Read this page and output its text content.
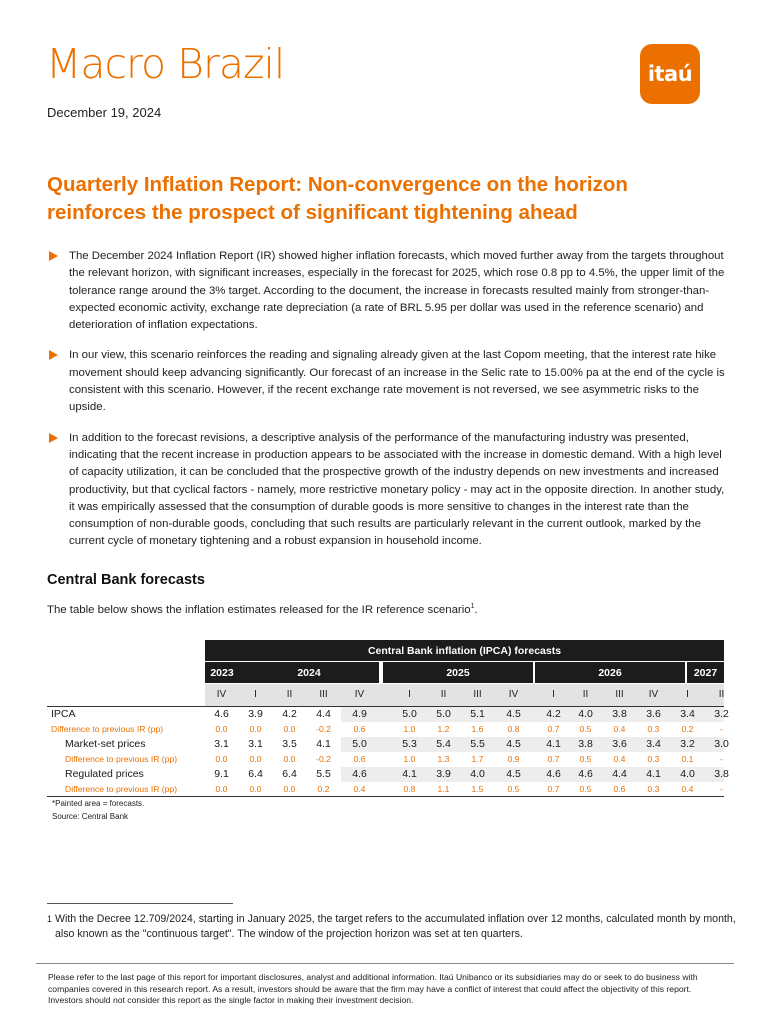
Macro Brazil
December 19, 2024
itaú
Quarterly Inflation Report: Non-convergence on the horizon reinforces the prospect of significant tightening ahead
The December 2024 Inflation Report (IR) showed higher inflation forecasts, which moved further away from the targets throughout the relevant horizon, with significant increases, especially in the forecast for 2025, which rose 0.8 pp to 4.5%, the upper limit of the tolerance range around the 3% target. According to the document, the increase in forecasts resulted mainly from stronger-than-expected economic activity, exchange rate depreciation (a rate of BRL 5.95 per dollar was used in the reference scenario) and deterioration of inflation expectations.
In our view, this scenario reinforces the reading and signaling already given at the last Copom meeting, that the interest rate hike movement should keep advancing significantly. Our forecast of an increase in the Selic rate to 15.00% pa at the end of the cycle is consistent with this scenario. However, if the recent exchange rate movement is not reversed, we see asymmetric risks to the upside.
In addition to the forecast revisions, a descriptive analysis of the performance of the manufacturing industry was presented, indicating that the recent increase in production appears to be associated with the increase in domestic demand. With a high level of capacity utilization, it can be concluded that the prospective growth of the industry depends on new investments and increased productivity, but that cyclical factors - namely, more restrictive monetary policy - may act in the opposite direction. In another study, it was empirically assessed that the consumption of durable goods is more sensitive to changes in the interest rate than the consumption of non-durable goods, concluding that such results are particularly relevant in the current outlook, marked by the current cycle of monetary tightening and a robust expansion in household income.
Central Bank forecasts

The table below shows the inflation estimates released for the IR reference scenario$^1$.

Central Bank inflation (IPCA) forecasts
2023	2024	2025	2026	2027
IV	I	II	III	IV	I	II	III	IV	I	II	III	IV	I	II
IPCA	4.6	3.9	4.2	4.4	4.9	5.0	5.0	5.1	4.5	4.2	4.0	3.8	3.6	3.4	3.2
Difference to previous IR (pp)	0.0	0.0	0.0	-0.2	0.6	1.0	1.2	1.6	0.8	0.7	0.5	0.4	0.3	0.2	-
Market-set prices	3.1	3.1	3.5	4.1	5.0	5.3	5.4	5.5	4.5	4.1	3.8	3.6	3.4	3.2	3.0
Difference to previous IR (pp)	0.0	0.0	0.0	-0.2	0.6	1.0	1.3	1.7	0.9	0.7	0.5	0.4	0.3	0.1	-
Regulated prices	9.1	6.4	6.4	5.5	4.6	4.1	3.9	4.0	4.5	4.6	4.6	4.4	4.1	4.0	3.8
Difference to previous IR (pp)	0.0	0.0	0.0	0.2	0.4	0.8	1.1	1.5	0.5	0.7	0.5	0.6	0.3	0.4	-
*Painted area = forecasts.
Source: Central Bank
1 With the Decree 12.709/2024, starting in January 2025, the target refers to the accumulated inflation over 12 months, calculated month by month, also known as the "continuous target". The window of the projection horizon was set at ten quarters.

Please refer to the last page of this report for important disclosures, analyst and additional information. Itaú Unibanco or its subsidiaries may do or seek to do business with companies covered in this research report. As a result, investors should be aware that the firm may have a conflict of interest that could affect the objectivity of this report. Investors should not consider this report as the single factor in making their investment decision.
